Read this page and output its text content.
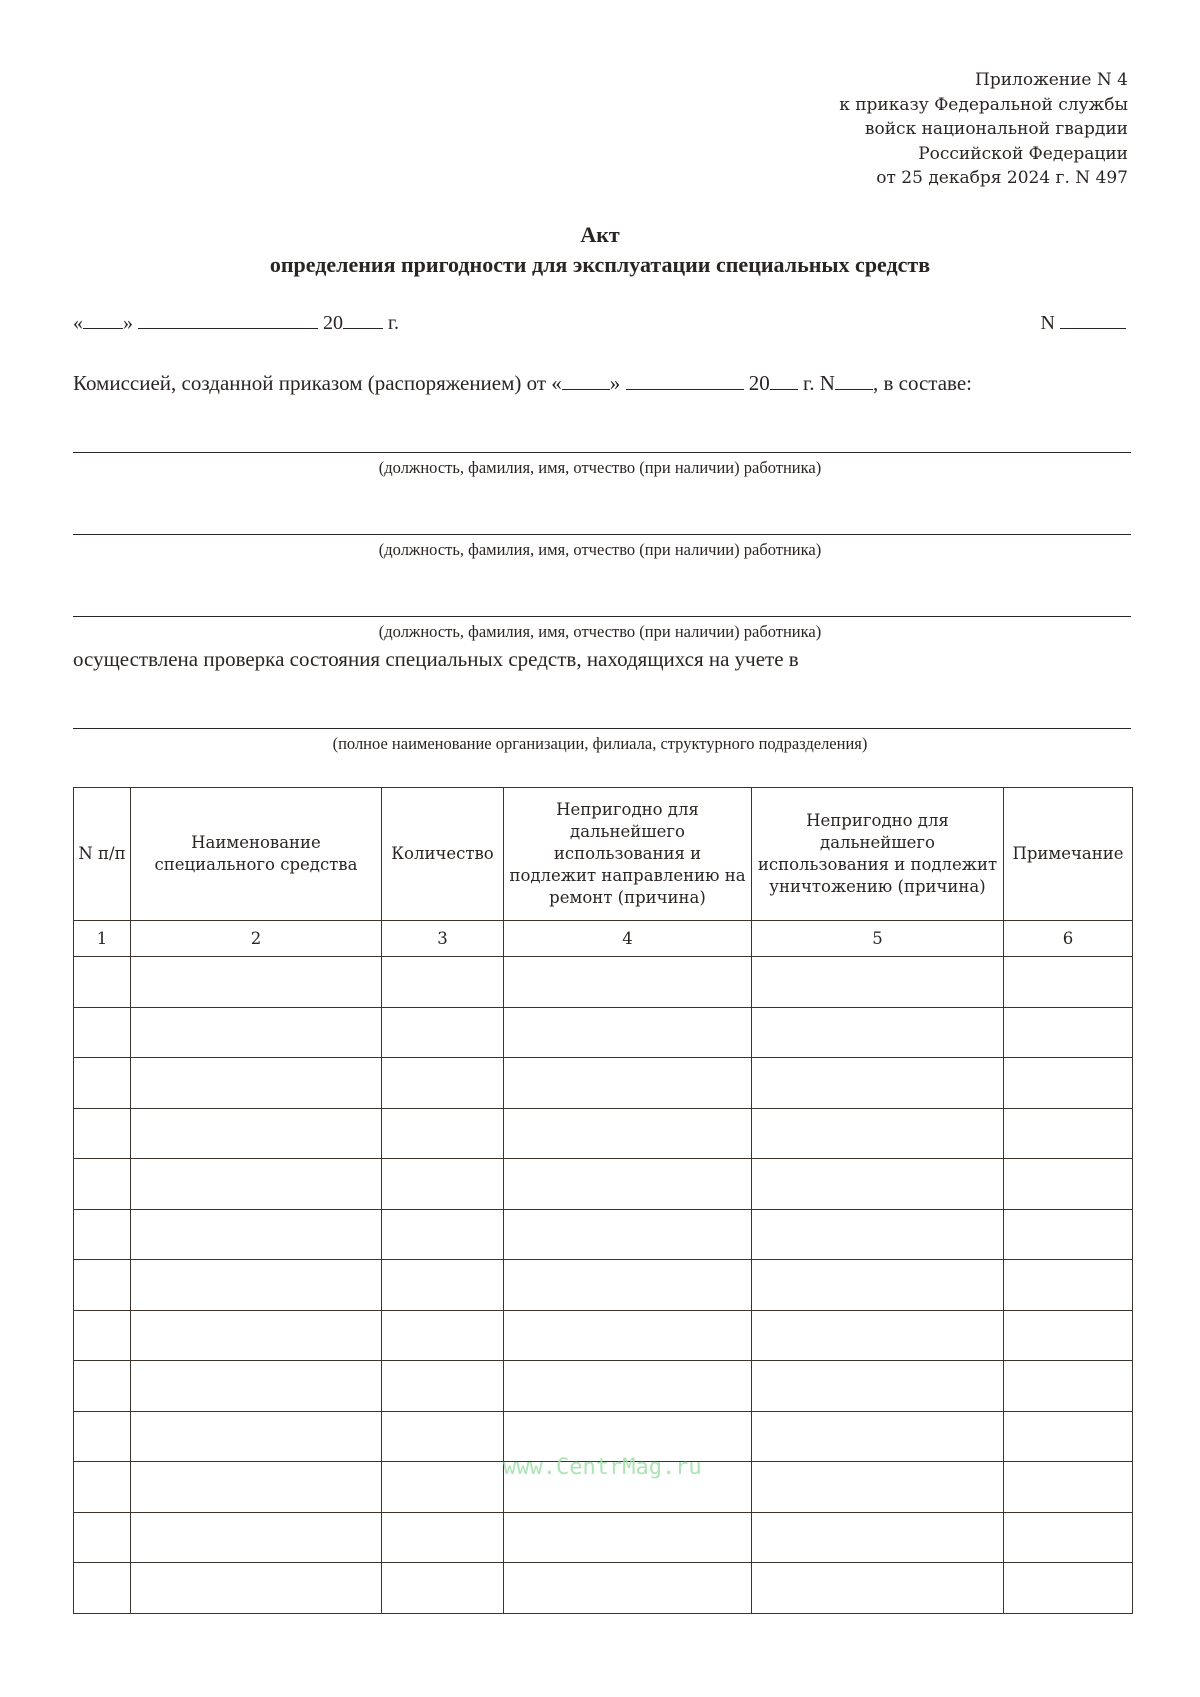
Приложение N 4
к приказу Федеральной службы
войск национальной гвардии
Российской Федерации
от 25 декабря 2024 г. N 497
Акт
определения пригодности для эксплуатации специальных средств
« »	20 г.	N
Комиссией, созданной приказом (распоряжением) от « »	20 г. N , в составе:
(должность, фамилия, имя, отчество (при наличии) работника)
(должность, фамилия, имя, отчество (при наличии) работника)
(должность, фамилия, имя, отчество (при наличии) работника)
осуществлена проверка состояния специальных средств, находящихся на учете в
(полное наименование организации, филиала, структурного подразделения)
N п/п	Наименование специального средства	Количество	Непригодно для дальнейшего использования и подлежит направлению на ремонт (причина)	Непригодно для дальнейшего использования и подлежит уничтожению (причина)	Примечание
1	2	3	4	5	6

www.CentrMag.ru
